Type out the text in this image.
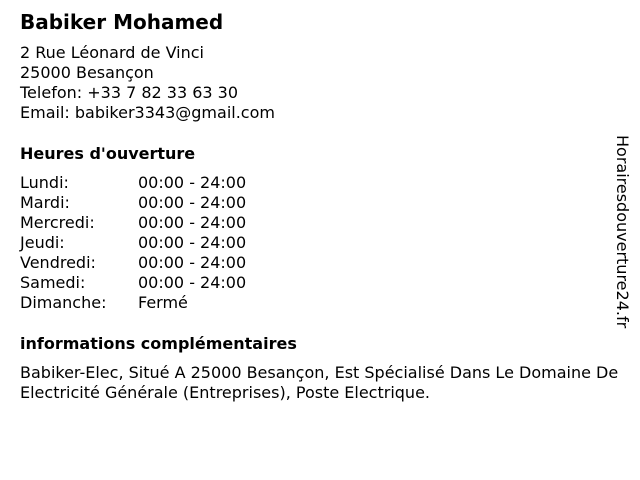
Babiker Mohamed
2 Rue Léonard de Vinci
25000 Besançon
Telefon: +33 7 82 33 63 30
Email: babiker3343@gmail.com
Heures d'ouverture
Lundi:	00:00 - 24:00
Mardi:	00:00 - 24:00
Mercredi:	00:00 - 24:00
Jeudi:	00:00 - 24:00
Vendredi:	00:00 - 24:00
Samedi:	00:00 - 24:00
Dimanche:	Fermé
informations complémentaires

Babiker-Elec, Situé A 25000 Besançon, Est Spécialisé Dans Le Domaine De Electricité Générale (Entreprises), Poste Electrique.

Horairesdouverture24.fr
